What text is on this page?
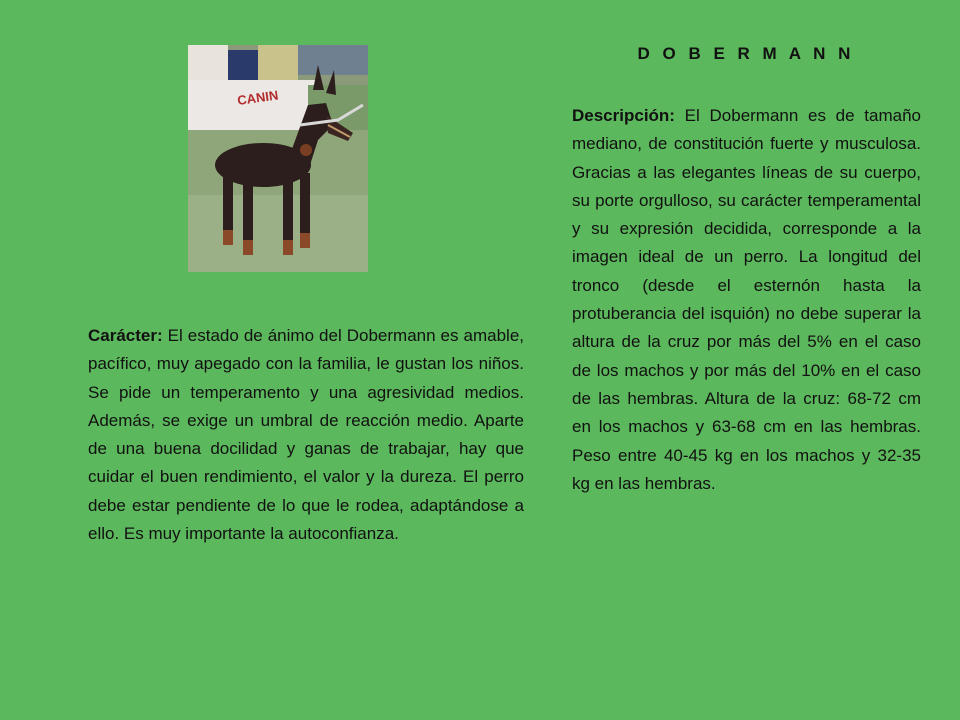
CANIN
D O B E R M A N N
Descripción: El Dobermann es de tamaño mediano, de constitución fuerte y musculosa. Gracias a las elegantes líneas de su cuerpo, su porte orgulloso, su carácter temperamental y su expresión decidida, corresponde a la imagen ideal de un perro. La longitud del tronco (desde el esternón hasta la protuberancia del isquión) no debe superar la altura de la cruz por más del 5% en el caso de los machos y por más del 10% en el caso de las hembras. Altura de la cruz: 68-72 cm en los machos y 63-68 cm en las hembras. Peso entre 40-45 kg en los machos y 32-35 kg en las hembras.
Carácter: El estado de ánimo del Dobermann es amable, pacífico, muy apegado con la familia, le gustan los niños. Se pide un temperamento y una agresividad medios. Además, se exige un umbral de reacción medio. Aparte de una buena docilidad y ganas de trabajar, hay que cuidar el buen rendimiento, el valor y la dureza. El perro debe estar pendiente de lo que le rodea, adaptándose a ello. Es muy importante la autoconfianza.
